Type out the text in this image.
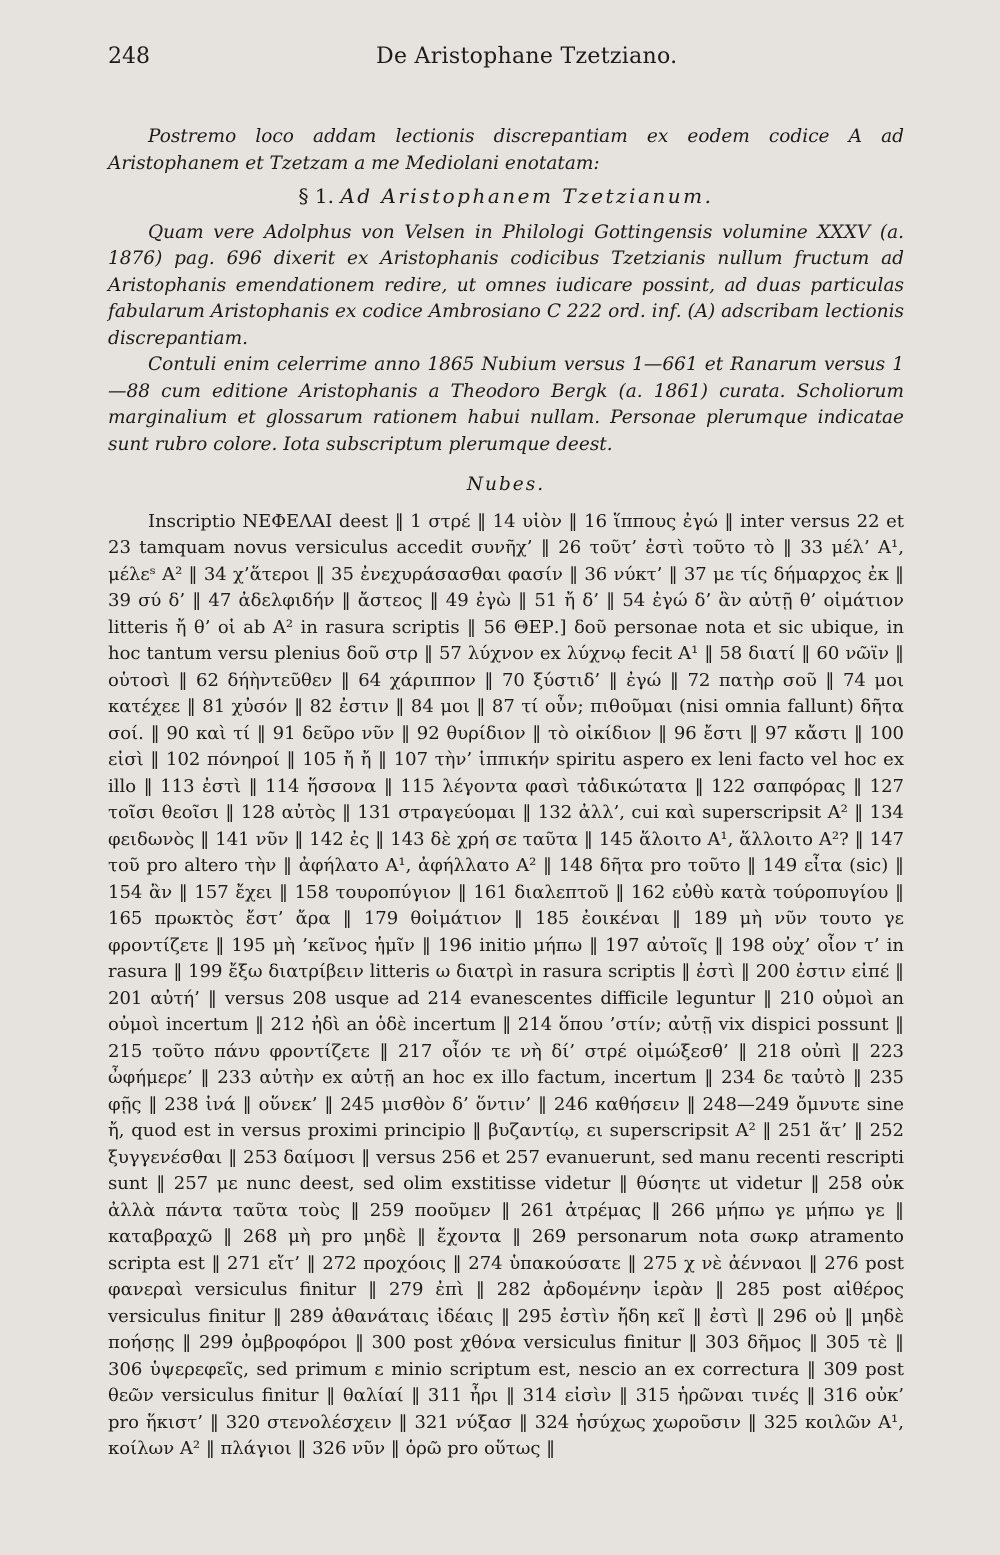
248	De Aristophane Tzetziano.

Postremo loco addam lectionis discrepantiam ex eodem codice A ad Aristophanem et Tzetzam a me Mediolani enotatam:

§ 1. Ad Aristophanem Tzetzianum.

Quam vere Adolphus von Velsen in Philologi Gottingensis volumine XXXV (a. 1876) pag. 696 dixerit ex Aristophanis codicibus Tzetzianis nullum fructum ad Aristophanis emendationem redire, ut omnes iudicare possint, ad duas particulas fabularum Aristophanis ex codice Ambrosiano C 222 ord. inf. (A) adscribam lectionis discrepantiam.

Contuli enim celerrime anno 1865 Nubium versus 1—661 et Ranarum versus 1—88 cum editione Aristophanis a Theodoro Bergk (a. 1861) curata. Scholiorum marginalium et glossarum rationem habui nullam. Personae plerumque indicatae sunt rubro colore. Iota subscriptum plerumque deest.

Nubes.

Inscriptio ΝΕΦΕΛΑΙ deest ‖ 1 στρέ ‖ 14 υἱὸν ‖ 16 ἵππους ἐγώ ‖ inter versus 22 et 23 tamquam novus versiculus accedit συνῆχ’ ‖ 26 τοῦτ’ ἐστὶ τοῦτο τὸ ‖ 33 μέλ’ A¹, μέλεˢ A² ‖ 34 χ’ἅτεροι ‖ 35 ἐνεχυράσασθαι φασίν ‖ 36 νύκτ’ ‖ 37 με τίς δήμαρχος ἐκ ‖ 39 σύ δ’ ‖ 47 ἀδελφιδήν ‖ ἄστεος ‖ 49 ἐγὼ ‖ 51 ἤ δ’ ‖ 54 ἐγώ δ’ ἂν αὐτῇ θ’ οἱμάτιον litteris ἤ θ’ οἱ ab A² in rasura scriptis ‖ 56 ΘΕΡ.] δοῦ personae nota et sic ubique, in hoc tantum versu plenius δοῦ στρ ‖ 57 λύχνον ex λύχνῳ fecit A¹ ‖ 58 διατί ‖ 60 νῶϊν ‖ οὑτοσὶ ‖ 62 δήὴντεῦθεν ‖ 64 χάριππον ‖ 70 ξύστιδ’ ‖ ἐγώ ‖ 72 πατὴρ σοῦ ‖ 74 μοι κατέχεε ‖ 81 χὐσόν ‖ 82 ἐστιν ‖ 84 μοι ‖ 87 τί οὖν; πιθοῦμαι (nisi omnia fallunt) δῆτα σοί. ‖ 90 καὶ τί ‖ 91 δεῦρο νῦν ‖ 92 θυρίδιον ‖ τὸ οἰκίδιον ‖ 96 ἔστι ‖ 97 κἄστι ‖ 100 εἰσὶ ‖ 102 πόνηροί ‖ 105 ἤ ἤ ‖ 107 τὴν’ ἱππικήν spiritu aspero ex leni facto vel hoc ex illo ‖ 113 ἐστὶ ‖ 114 ἥσσονα ‖ 115 λέγοντα φασὶ τἀδικώτατα ‖ 122 σαπφόρας ‖ 127 τοῖσι θεοῖσι ‖ 128 αὐτὸς ‖ 131 στραγεύομαι ‖ 132 ἀλλ’, cui καὶ superscripsit A² ‖ 134 φειδωνὸς ‖ 141 νῦν ‖ 142 ἐς ‖ 143 δὲ χρή σε ταῦτα ‖ 145 ἅλοιτο A¹, ἅλλοιτο A²? ‖ 147 τοῦ pro altero τὴν ‖ ἀφήλατο A¹, ἀφήλλατο A² ‖ 148 δῆτα pro τοῦτο ‖ 149 εἶτα (sic) ‖ 154 ἂν ‖ 157 ἔχει ‖ 158 τουροπύγιον ‖ 161 διαλεπτοῦ ‖ 162 εὐθὺ κατὰ τούροπυγίου ‖ 165 πρωκτὸς ἔστ’ ἄρα ‖ 179 θοἰμάτιον ‖ 185 ἐοικέναι ‖ 189 μὴ νῦν τουτο γε φροντίζετε ‖ 195 μὴ ’κεῖνος ἡμῖν ‖ 196 initio μήπω ‖ 197 αὐτοῖς ‖ 198 οὐχ’ οἶον τ’ in rasura ‖ 199 ἔξω διατρίβειν litteris ω διατρὶ in rasura scriptis ‖ ἐστὶ ‖ 200 ἐστιν εἰπέ ‖ 201 αὐτή’ ‖ versus 208 usque ad 214 evanescentes difficile leguntur ‖ 210 οὐμοὶ an οὐμοὶ incertum ‖ 212 ἠδὶ an ὁδὲ incertum ‖ 214 ὅπου ’στίν; αὐτῇ vix dispici possunt ‖ 215 τοῦτο πάνυ φροντίζετε ‖ 217 οἶόν τε νὴ δί’ στρέ οἰμώξεσθ’ ‖ 218 οὐπὶ ‖ 223 ὦφήμερε’ ‖ 233 αὐτὴν ex αὐτῇ an hoc ex illo factum, incertum ‖ 234 δε ταὐτὸ ‖ 235 φῇς ‖ 238 ἱνά ‖ οὕνεκ’ ‖ 245 μισθὸν δ’ ὅντιν’ ‖ 246 καθήσειν ‖ 248—249 ὄμνυτε sine ἤ, quod est in versus proximi principio ‖ βυζαντίῳ, ει superscripsit A² ‖ 251 ἅτ’ ‖ 252 ξυγγενέσθαι ‖ 253 δαίμοσι ‖ versus 256 et 257 evanuerunt, sed manu recenti rescripti sunt ‖ 257 με nunc deest, sed olim exstitisse videtur ‖ θύσητε ut videtur ‖ 258 οὐκ ἀλλὰ πάντα ταῦτα τοὺς ‖ 259 ποοῦμεν ‖ 261 ἀτρέμας ‖ 266 μήπω γε μήπω γε ‖ καταβραχῶ ‖ 268 μὴ pro μηδὲ ‖ ἔχοντα ‖ 269 personarum nota σωκρ atramento scripta est ‖ 271 εἴτ’ ‖ 272 προχόοις ‖ 274 ὑπακούσατε ‖ 275 χ νὲ ἀένναοι ‖ 276 post φανεραὶ versiculus finitur ‖ 279 ἐπὶ ‖ 282 ἀρδομένην ἱερὰν ‖ 285 post αἰθέρος versiculus finitur ‖ 289 ἀθανάταις ἰδέαις ‖ 295 ἐστὶν ἤδη κεῖ ‖ ἐστὶ ‖ 296 οὐ ‖ μηδὲ ποήσῃς ‖ 299 ὀμβροφόροι ‖ 300 post χθόνα versiculus finitur ‖ 303 δῆμος ‖ 305 τὲ ‖ 306 ὑψερεφεῖς, sed primum ε minio scriptum est, nescio an ex correctura ‖ 309 post θεῶν versiculus finitur ‖ θαλίαί ‖ 311 ἦρι ‖ 314 εἰσὶν ‖ 315 ἡρῶναι τινές ‖ 316 οὐκ’ pro ἥκιστ’ ‖ 320 στενολέσχειν ‖ 321 νύξασ ‖ 324 ἡσύχως χωροῦσιν ‖ 325 κοιλῶν A¹, κοίλων A² ‖ πλάγιοι ‖ 326 νῦν ‖ ὁρῶ pro οὕτως ‖
